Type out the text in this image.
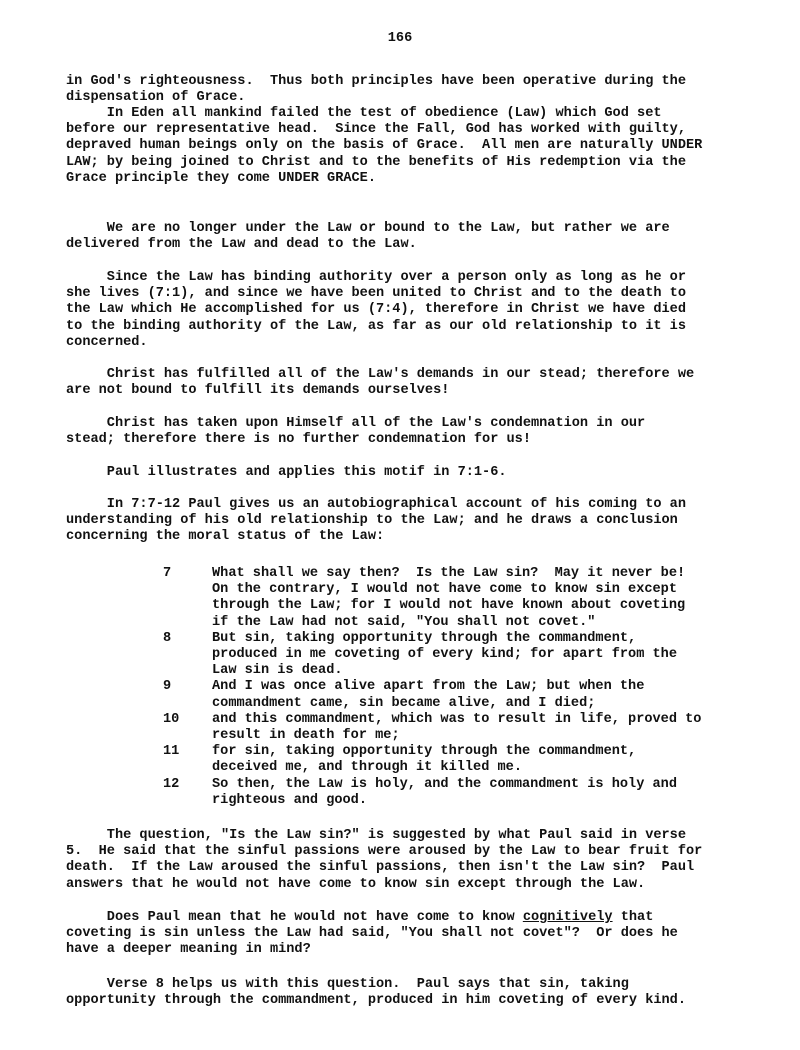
166

in God's righteousness.  Thus both principles have been operative during the
dispensation of Grace.

In Eden all mankind failed the test of obedience (Law) which God set
before our representative head.  Since the Fall, God has worked with guilty,
depraved human beings only on the basis of Grace.  All men are naturally UNDER
LAW; by being joined to Christ and to the benefits of His redemption via the
Grace principle they come UNDER GRACE.

We are no longer under the Law or bound to the Law, but rather we are
delivered from the Law and dead to the Law.

Since the Law has binding authority over a person only as long as he or
she lives (7:1), and since we have been united to Christ and to the death to
the Law which He accomplished for us (7:4), therefore in Christ we have died
to the binding authority of the Law, as far as our old relationship to it is
concerned.

Christ has fulfilled all of the Law's demands in our stead; therefore we
are not bound to fulfill its demands ourselves!

Christ has taken upon Himself all of the Law's condemnation in our
stead; therefore there is no further condemnation for us!

Paul illustrates and applies this motif in 7:1-6.

In 7:7-12 Paul gives us an autobiographical account of his coming to an
understanding of his old relationship to the Law; and he draws a conclusion
concerning the moral status of the Law:

7	What shall we say then?  Is the Law sin?  May it never be!
On the contrary, I would not have come to know sin except
through the Law; for I would not have known about coveting
if the Law had not said, "You shall not covet."
8	But sin, taking opportunity through the commandment,
produced in me coveting of every kind; for apart from the
Law sin is dead.
9	And I was once alive apart from the Law; but when the
commandment came, sin became alive, and I died;
10	and this commandment, which was to result in life, proved to
result in death for me;
11	for sin, taking opportunity through the commandment,
deceived me, and through it killed me.
12	So then, the Law is holy, and the commandment is holy and
righteous and good.

The question, "Is the Law sin?" is suggested by what Paul said in verse
5.  He said that the sinful passions were aroused by the Law to bear fruit for
death.  If the Law aroused the sinful passions, then isn't the Law sin?  Paul
answers that he would not have come to know sin except through the Law.

Does Paul mean that he would not have come to know cognitively that
coveting is sin unless the Law had said, "You shall not covet"?  Or does he
have a deeper meaning in mind?

Verse 8 helps us with this question.  Paul says that sin, taking
opportunity through the commandment, produced in him coveting of every kind.
